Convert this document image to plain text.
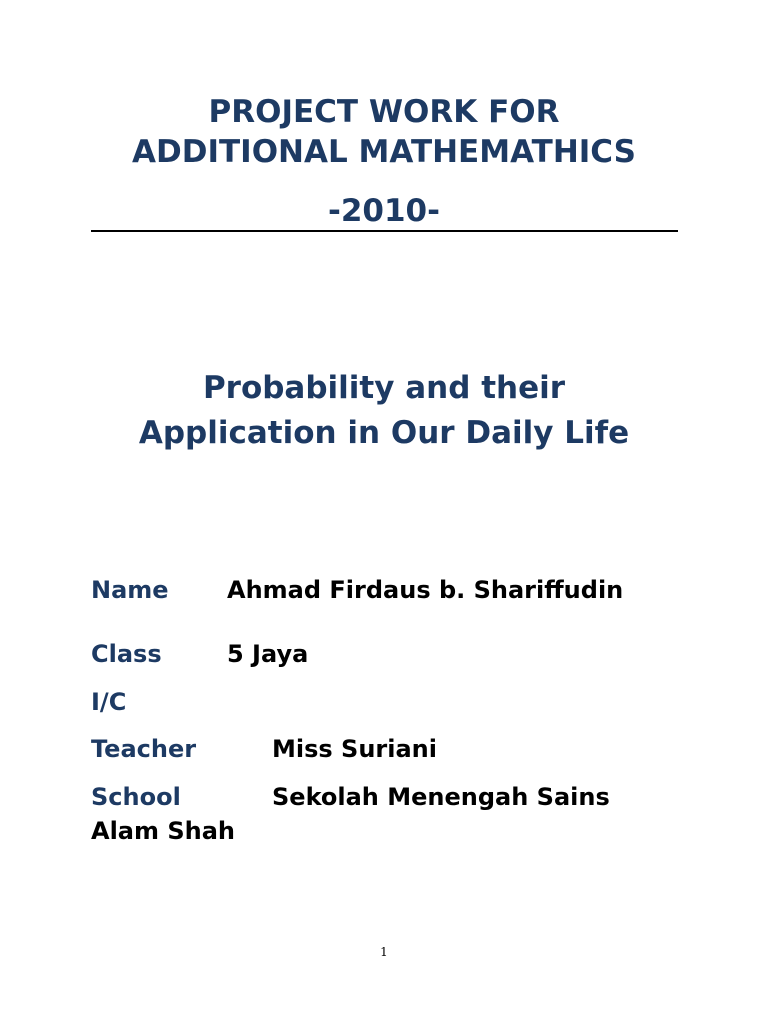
PROJECT WORK FOR
ADDITIONAL MATHEMATHICS
-2010-
Probability and their
Application in Our Daily Life
Name Ahmad Firdaus b. Shariffudin
Class	5 Jaya
I/C
Teacher	Miss Suriani
School	Sekolah Menengah Sains
Alam Shah
1
